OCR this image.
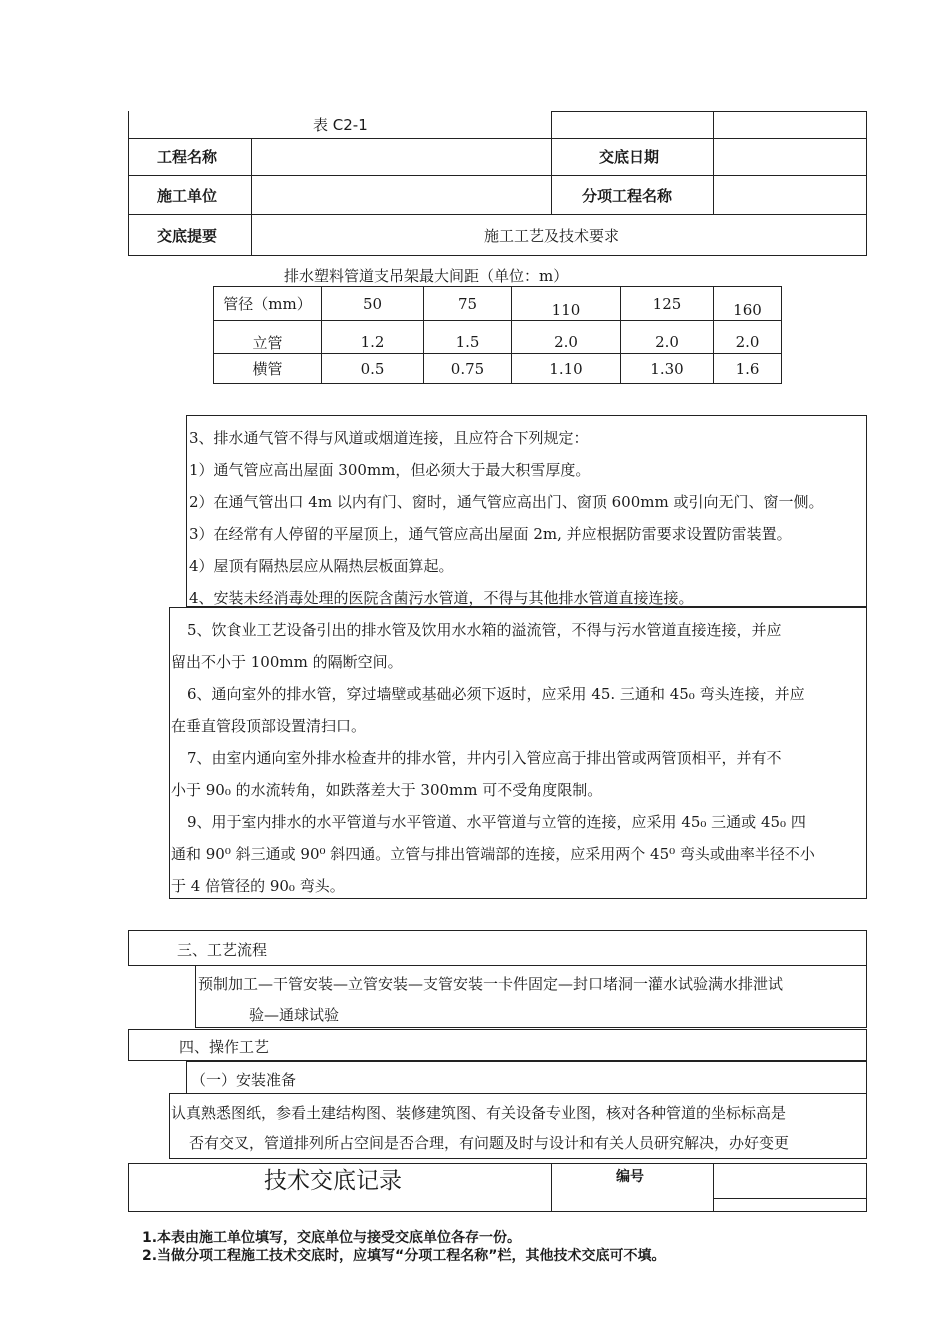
表 C2-1
工程名称	交底日期
施工单位	分项工程名称
交底提要	施工工艺及技术要求
排水塑料管道支吊架最大间距（单位：m）
管径（mm）	50	75	110	125	160
立管	1.2	1.5	2.0	2.0	2.0
横管	0.5	0.75	1.10	1.30	1.6
3、排水通气管不得与风道或烟道连接，且应符合下列规定：
1）通气管应高出屋面 300mm，但必须大于最大积雪厚度。
2）在通气管出口 4m 以内有门、窗时，通气管应高出门、窗顶 600mm 或引向无门、窗一侧。
3）在经常有人停留的平屋顶上，通气管应高出屋面 2m, 并应根据防雷要求设置防雷装置。
4）屋顶有隔热层应从隔热层板面算起。
4、安装未经消毒处理的医院含菌污水管道，不得与其他排水管道直接连接。
5、饮食业工艺设备引出的排水管及饮用水水箱的溢流管，不得与污水管道直接连接，并应
留出不小于 100mm 的隔断空间。
6、通向室外的排水管，穿过墙壁或基础必须下返时，应采用 45. 三通和 45₀ 弯头连接，并应
在垂直管段顶部设置清扫口。
7、由室内通向室外排水检查井的排水管，井内引入管应高于排出管或两管顶相平，并有不
小于 90₀ 的水流转角，如跌落差大于 300mm 可不受角度限制。
9、用于室内排水的水平管道与水平管道、水平管道与立管的连接，应采用 45₀ 三通或 45₀ 四
通和 90⁰ 斜三通或 90⁰ 斜四通。立管与排出管端部的连接，应采用两个 45⁰ 弯头或曲率半径不小
于 4 倍管径的 90₀ 弯头。
三、工艺流程
预制加工—干管安装—立管安装—支管安装一卡件固定—封口堵洞一灌水试验满水排泄试
验—通球试验
四、操作工艺
（一）安装准备
认真熟悉图纸，参看土建结构图、装修建筑图、有关设备专业图，核对各种管道的坐标标高是
否有交叉，管道排列所占空间是否合理，有问题及时与设计和有关人员研究解决，办好变更
技术交底记录	编号
1.本表由施工单位填写，交底单位与接受交底单位各存一份。
2.当做分项工程施工技术交底时，应填写“分项工程名称”栏，其他技术交底可不填。
